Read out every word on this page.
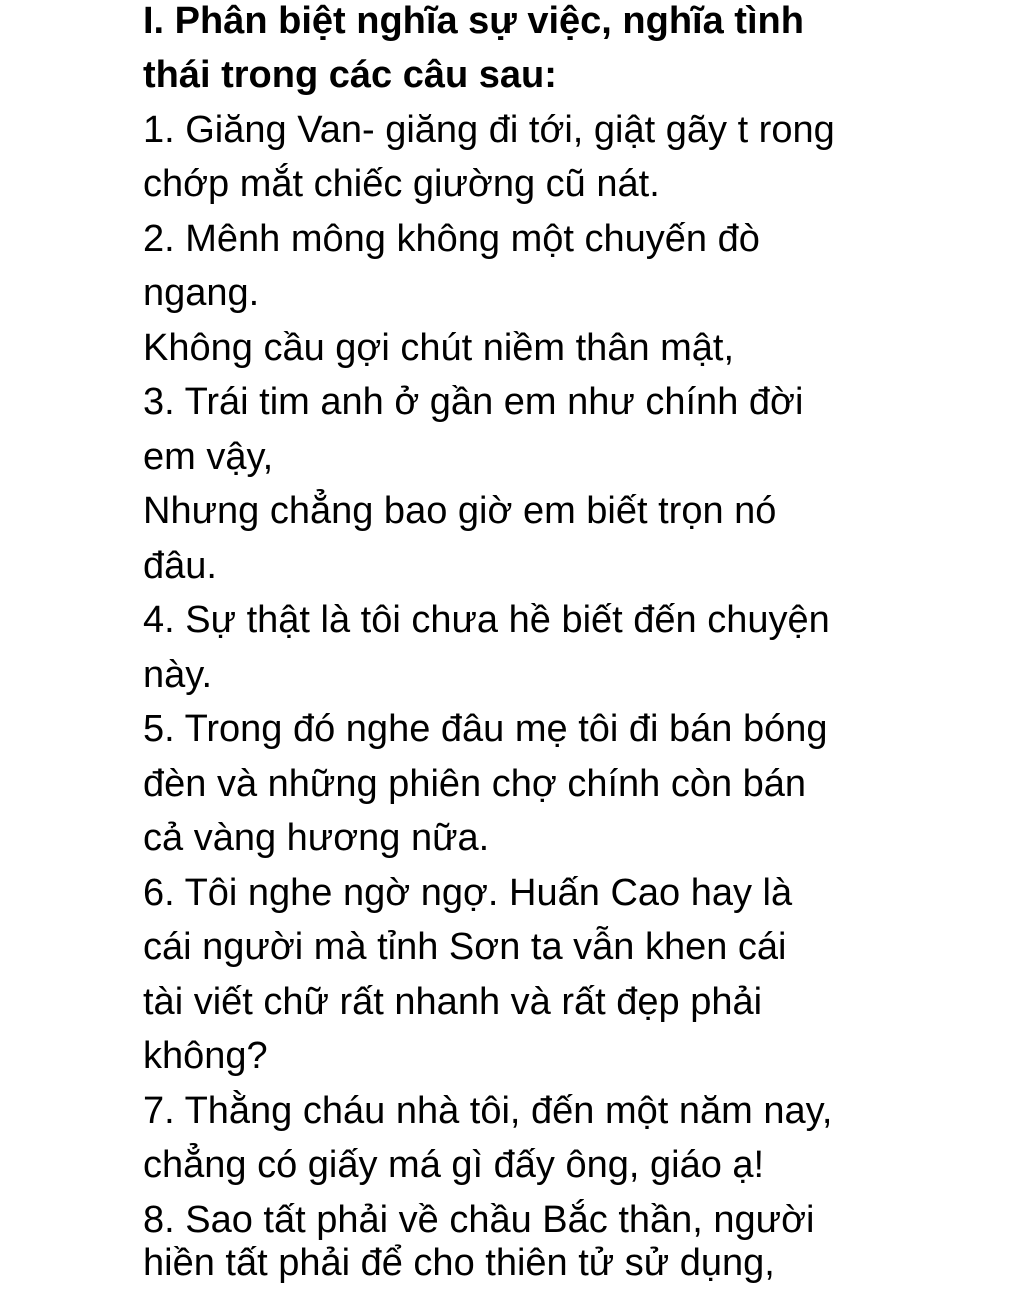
I. Phân biệt nghĩa sự việc, nghĩa tình
thái trong các câu sau:
1. Giăng Van- giăng đi tới, giật gãy t rong
chớp mắt chiếc giường cũ nát.
2. Mênh mông không một chuyến đò
ngang.
Không cầu gợi chút niềm thân mật,
3. Trái tim anh ở gần em như chính đời
em vậy,
Nhưng chẳng bao giờ em biết trọn nó
đâu.
4. Sự thật là tôi chưa hề biết đến chuyện
này.
5. Trong đó nghe đâu mẹ tôi đi bán bóng
đèn và những phiên chợ chính còn bán
cả vàng hương nữa.
6. Tôi nghe ngờ ngợ. Huấn Cao hay là
cái người mà tỉnh Sơn ta vẫn khen cái
tài viết chữ rất nhanh và rất đẹp phải
không?
7. Thằng cháu nhà tôi, đến một năm nay,
chẳng có giấy má gì đấy ông, giáo ạ!
8. Sao tất phải về chầu Bắc thần, người
hiền tất phải để cho thiên tử sử dụng,
